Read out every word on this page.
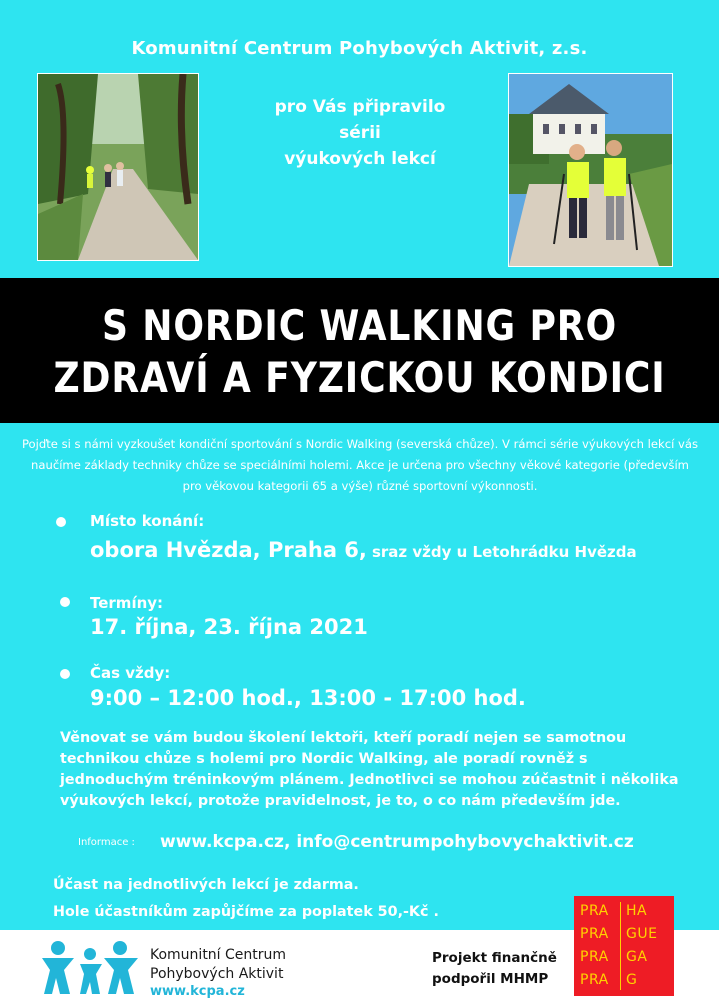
Komunitní Centrum Pohybových Aktivit, z.s.
pro Vás připravilo
sérii
výukových lekcí
S NORDIC WALKING PRO
ZDRAVÍ A FYZICKOU KONDICI
Pojďte si s námi vyzkoušet kondiční sportování s Nordic Walking (severská chůze). V rámci série výukových lekcí vás naučíme základy techniky chůze se speciálními holemi. Akce je určena pro všechny věkové kategorie (především pro věkovou kategorii 65 a výše) různé sportovní výkonnosti.
Místo konání:
obora Hvězda, Praha 6, sraz vždy u Letohrádku Hvězda
Termíny:
17. října, 23. října 2021
Čas vždy:
9:00 – 12:00 hod., 13:00 - 17:00 hod.
Věnovat se vám budou školení lektoři, kteří poradí nejen se samotnou technikou chůze s holemi pro Nordic Walking, ale poradí rovněž s jednoduchým tréninkovým plánem. Jednotlivci se mohou zúčastnit i několika výukových lekcí, protože pravidelnost, je to, o co nám především jde.
Informace : www.kcpa.cz, info@centrumpohybovychaktivit.cz
Účast na jednotlivých lekcí je zdarma.
Hole účastníkům zapůjčíme za poplatek 50,-Kč .
Komunitní Centrum
Pohybových Aktivit
www.kcpa.cz
Projekt finančně
podpořil MHMP
PRA
PRA
PRA
PRA
HA
GUE
GA
G
